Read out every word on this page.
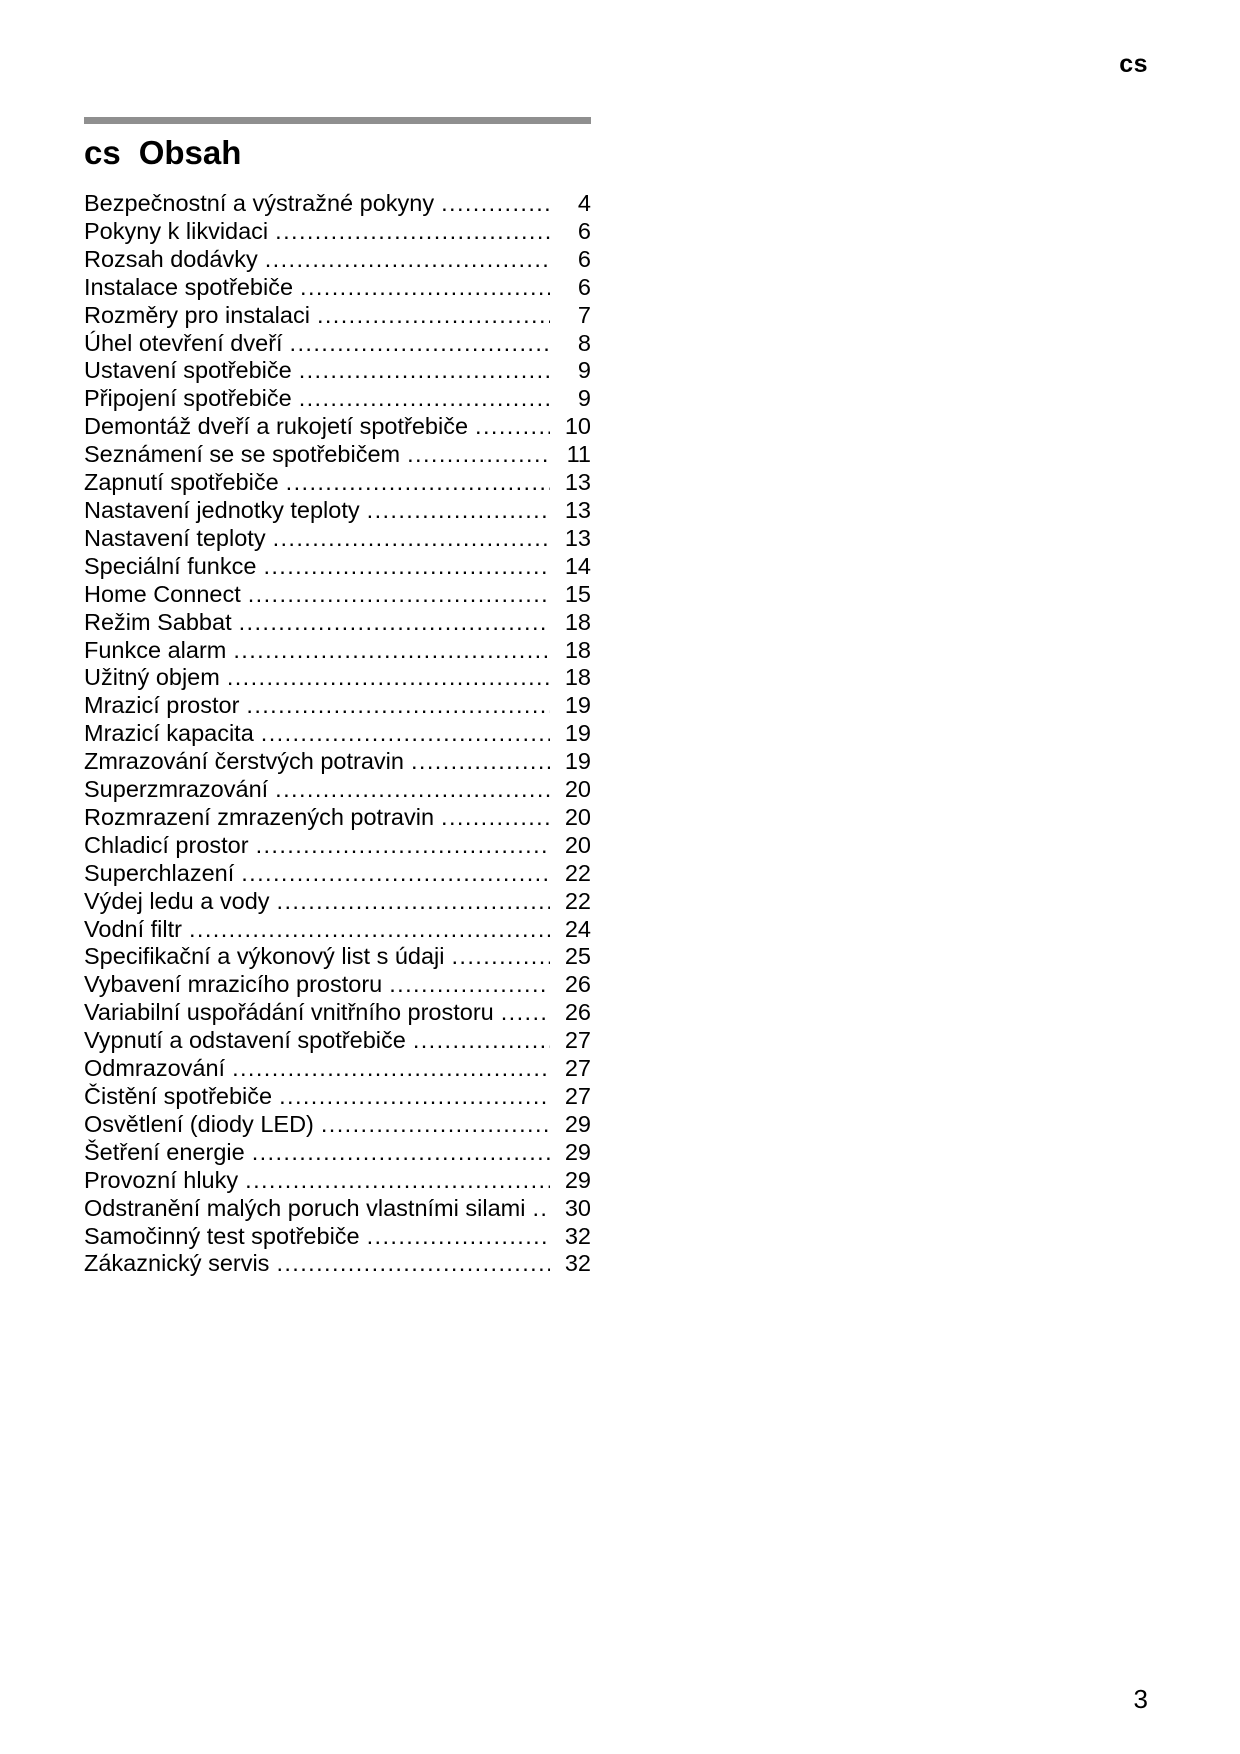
cs
cs Obsah
Bezpečnostní a výstražné pokyny .....	4
Pokyny k likvidaci .....	6
Rozsah dodávky .....	6
Instalace spotřebiče .....	6
Rozměry pro instalaci .....	7
Úhel otevření dveří .....	8
Ustavení spotřebiče .....	9
Připojení spotřebiče .....	9
Demontáž dveří a rukojetí spotřebiče .....	10
Seznámení se se spotřebičem .....	11
Zapnutí spotřebiče .....	13
Nastavení jednotky teploty .....	13
Nastavení teploty .....	13
Speciální funkce .....	14
Home Connect .....	15
Režim Sabbat .....	18
Funkce alarm .....	18
Užitný objem .....	18
Mrazicí prostor .....	19
Mrazicí kapacita .....	19
Zmrazování čerstvých potravin .....	19
Superzmrazování .....	20
Rozmrazení zmrazených potravin .....	20
Chladicí prostor .....	20
Superchlazení .....	22
Výdej ledu a vody .....	22
Vodní filtr .....	24
Specifikační a výkonový list s údaji .....	25
Vybavení mrazicího prostoru .....	26
Variabilní uspořádání vnitřního prostoru .....	26
Vypnutí a odstavení spotřebiče .....	27
Odmrazování .....	27
Čistění spotřebiče .....	27
Osvětlení (diody LED) .....	29
Šetření energie .....	29
Provozní hluky .....	29
Odstranění malých poruch vlastními silami .....	30
Samočinný test spotřebiče .....	32
Zákaznický servis .....	32
3
